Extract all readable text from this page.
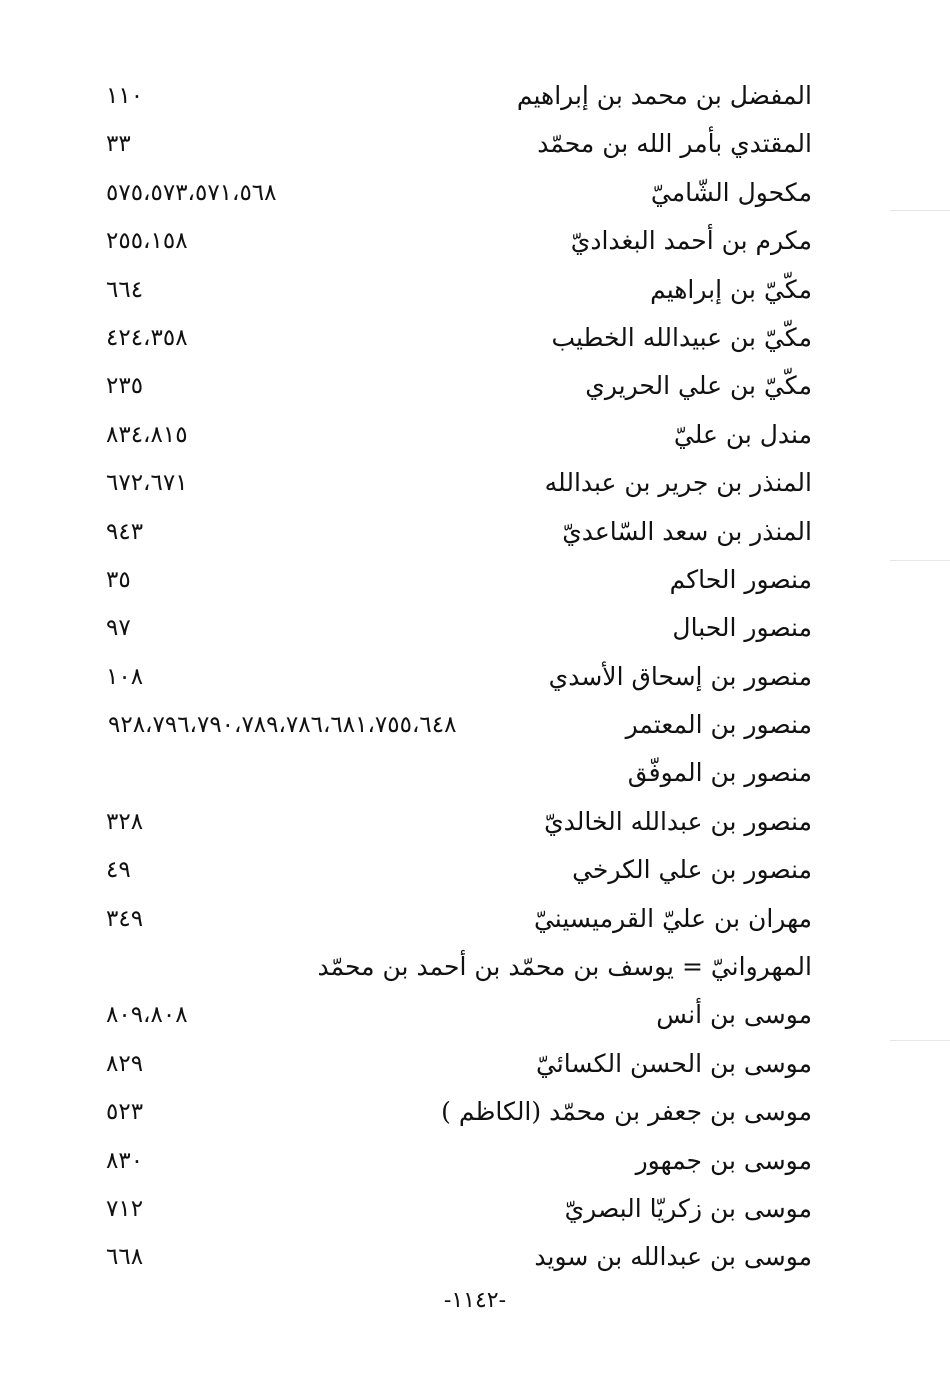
المفضل بن محمد بن إبراهيم
١١٠
المقتدي بأمر الله بن محمّد
٣٣
مكحول الشّاميّ
٥٧٥،٥٧٣،٥٧١،٥٦٨
مكرم بن أحمد البغداديّ
٢٥٥،١٥٨
مكّيّ بن إبراهيم
٦٦٤
مكّيّ بن عبيدالله الخطيب
٤٢٤،٣٥٨
مكّيّ بن علي الحريري
٢٣٥
مندل بن عليّ
٨٣٤،٨١٥
المنذر بن جرير بن عبدالله
٦٧٢،٦٧١
المنذر بن سعد السّاعديّ
٩٤٣
منصور الحاكم
٣٥
منصور الحبال
٩٧
منصور بن إسحاق الأسدي
١٠٨
منصور بن المعتمر
٩٢٨،٧٩٦،٧٩٠،٧٨٩،٧٨٦،٦٨١،٧٥٥،٦٤٨
منصور بن الموفّق
منصور بن عبدالله الخالديّ
٣٢٨
منصور بن علي الكرخي
٤٩
مهران بن عليّ القرميسينيّ
٣٤٩
المهروانيّ = يوسف بن محمّد بن أحمد بن محمّد
موسى بن أنس
٨٠٩،٨٠٨
موسى بن الحسن الكسائيّ
٨٢٩
موسى بن جعفر بن محمّد (الكاظم )
٥٢٣
موسى بن جمهور
٨٣٠
موسى بن زكريّا البصريّ
٧١٢
موسى بن عبدالله بن سويد
٦٦٨
-١١٤٢-
